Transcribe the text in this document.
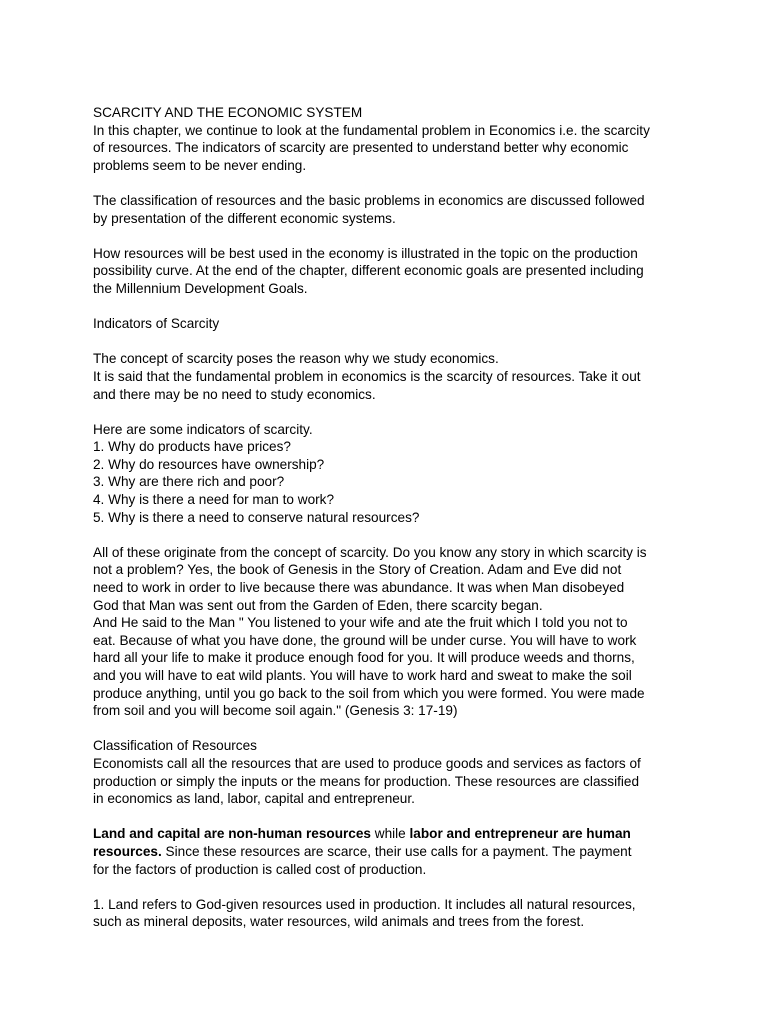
SCARCITY AND THE ECONOMIC SYSTEM
In this chapter, we continue to look at the fundamental problem in Economics i.e. the scarcity
of resources. The indicators of scarcity are presented to understand better why economic
problems seem to be never ending.
The classification of resources and the basic problems in economics are discussed followed
by presentation of the different economic systems.
How resources will be best used in the economy is illustrated in the topic on the production
possibility curve. At the end of the chapter, different economic goals are presented including
the Millennium Development Goals.
Indicators of Scarcity
The concept of scarcity poses the reason why we study economics.
It is said that the fundamental problem in economics is the scarcity of resources. Take it out
and there may be no need to study economics.
Here are some indicators of scarcity.
1. Why do products have prices?
2. Why do resources have ownership?
3. Why are there rich and poor?
4. Why is there a need for man to work?
5. Why is there a need to conserve natural resources?
All of these originate from the concept of scarcity. Do you know any story in which scarcity is
not a problem? Yes, the book of Genesis in the Story of Creation. Adam and Eve did not
need to work in order to live because there was abundance. It was when Man disobeyed
God that Man was sent out from the Garden of Eden, there scarcity began.
And He said to the Man " You listened to your wife and ate the fruit which I told you not to
eat. Because of what you have done, the ground will be under curse. You will have to work
hard all your life to make it produce enough food for you. It will produce weeds and thorns,
and you will have to eat wild plants. You will have to work hard and sweat to make the soil
produce anything, until you go back to the soil from which you were formed. You were made
from soil and you will become soil again." (Genesis 3: 17-19)
Classification of Resources
Economists call all the resources that are used to produce goods and services as factors of
production or simply the inputs or the means for production. These resources are classified
in economics as land, labor, capital and entrepreneur.
Land and capital are non-human resources while labor and entrepreneur are human
resources. Since these resources are scarce, their use calls for a payment. The payment
for the factors of production is called cost of production.
1. Land refers to God-given resources used in production. It includes all natural resources,
such as mineral deposits, water resources, wild animals and trees from the forest.
